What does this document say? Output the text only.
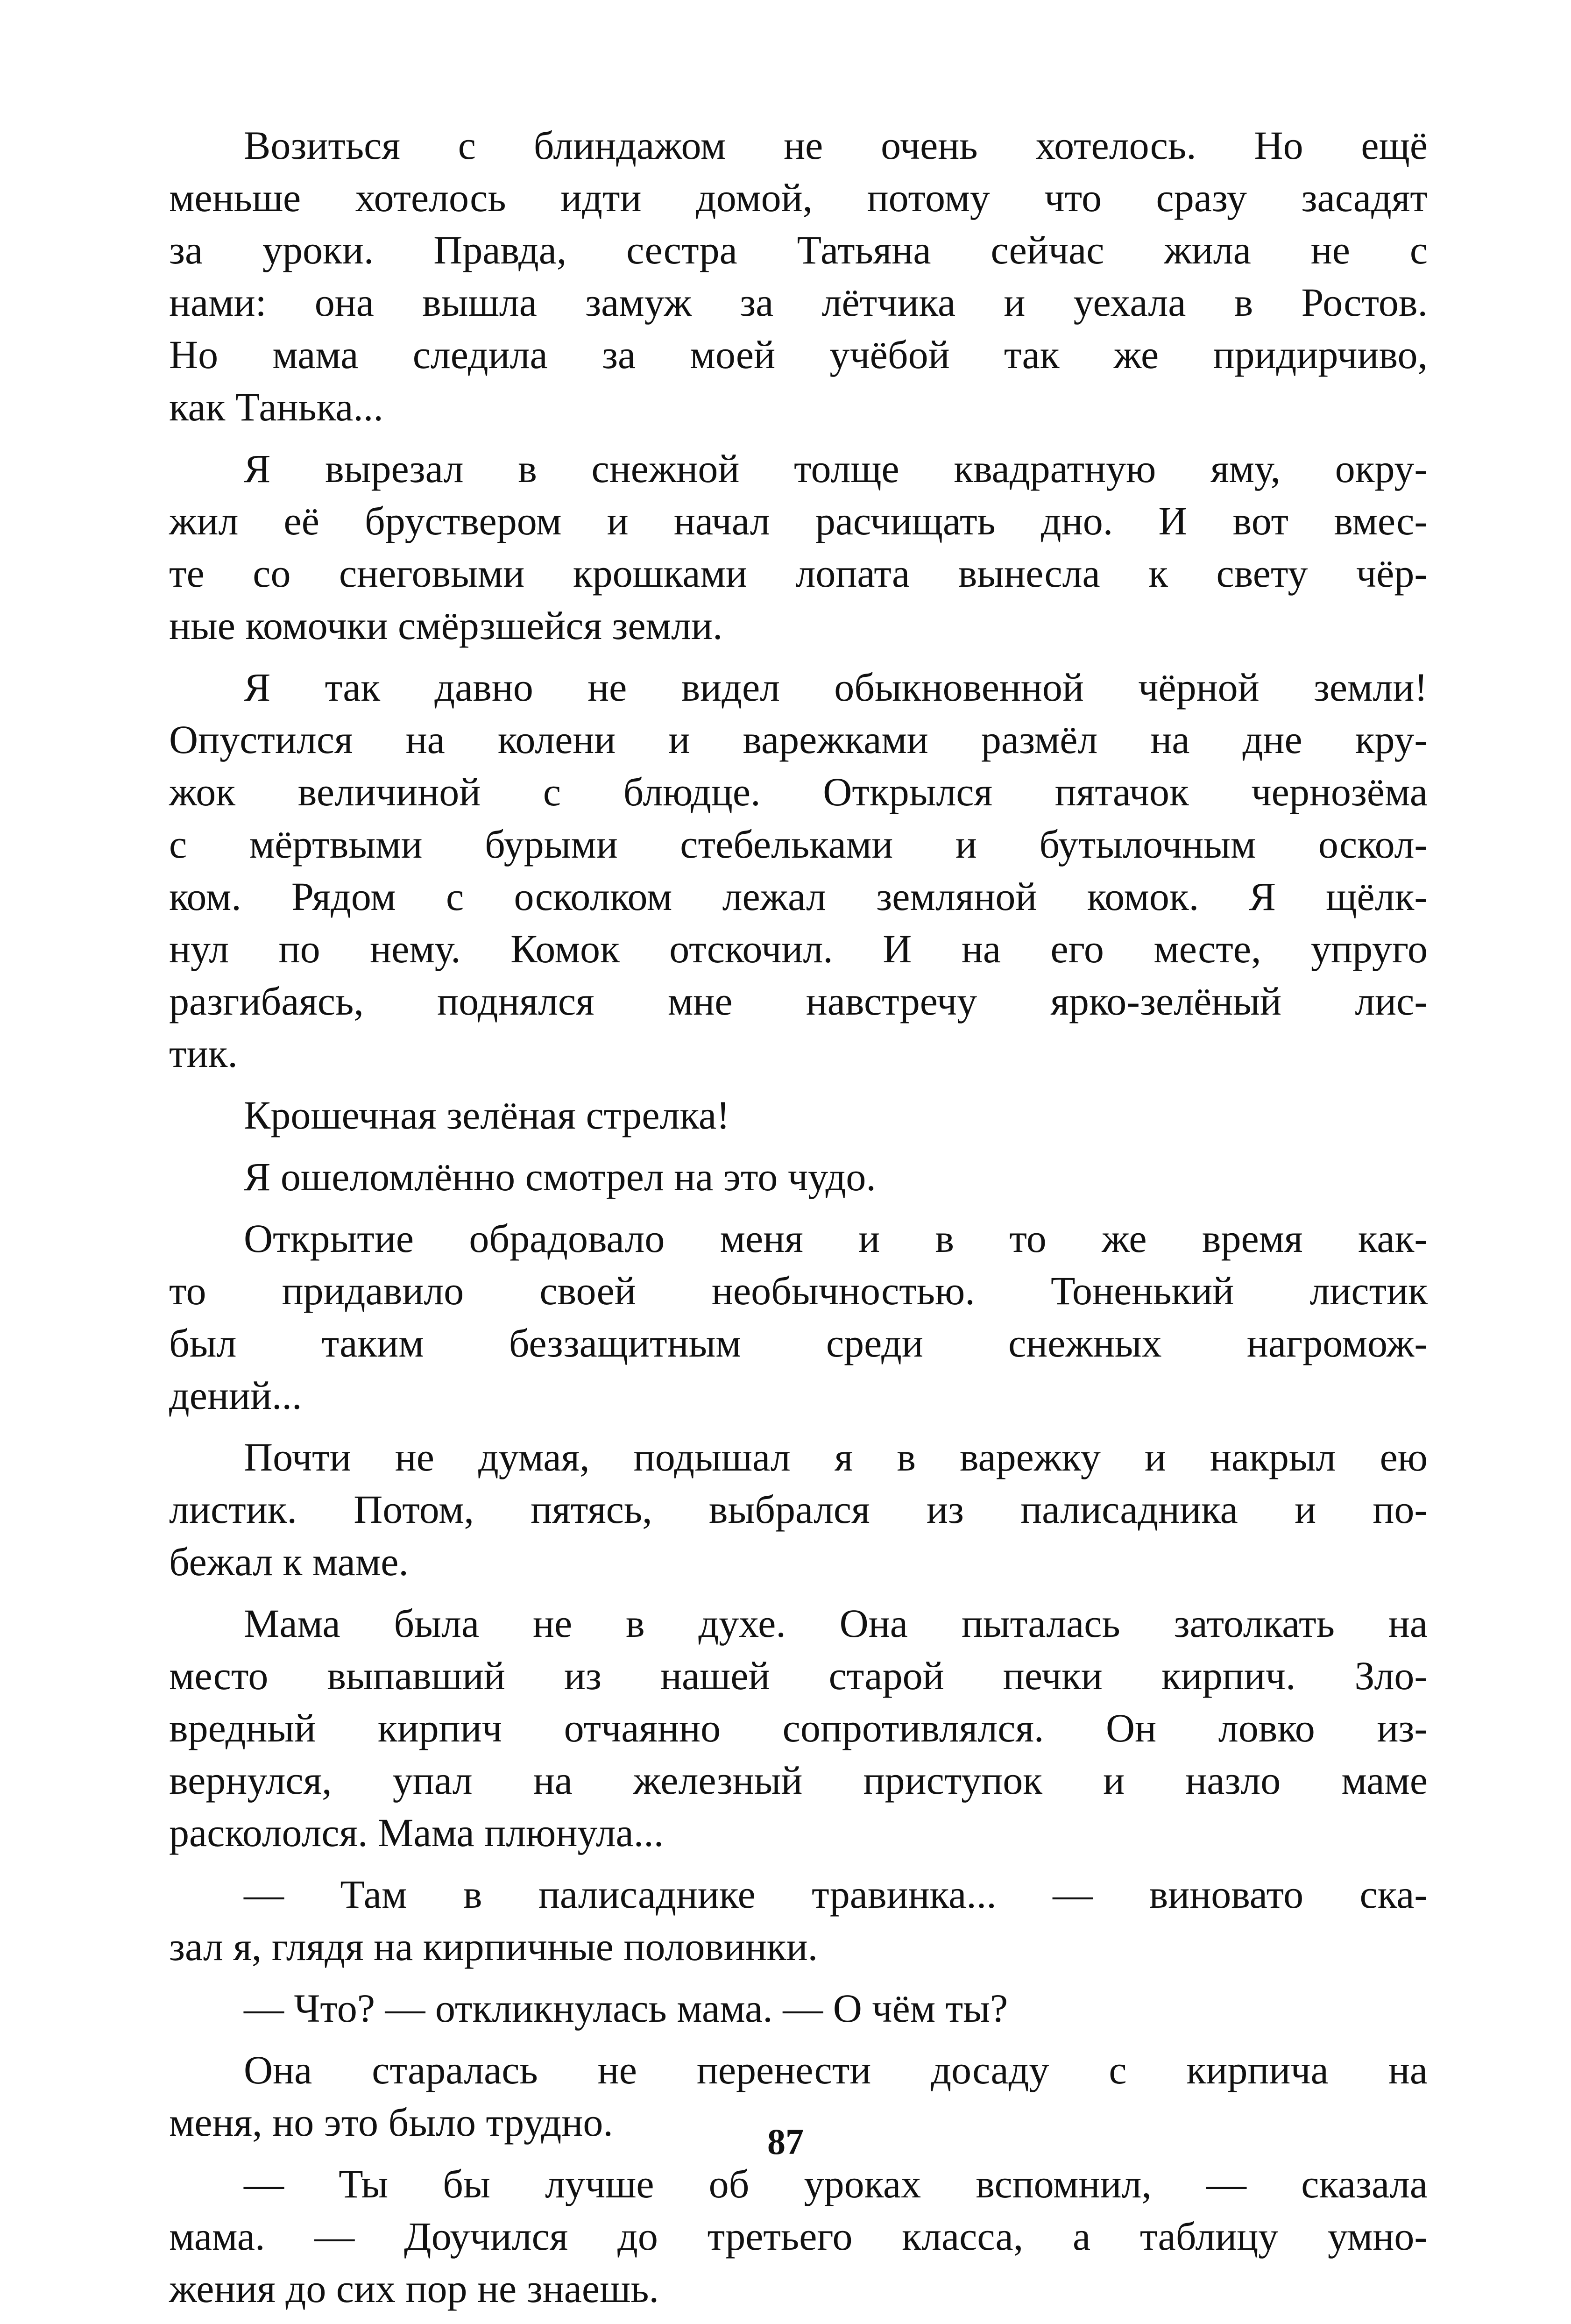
Возиться с блиндажом не очень хотелось. Но ещё
меньше хотелось идти домой, потому что сразу засадят
за уроки. Правда, сестра Татьяна сейчас жила не с
нами: она вышла замуж за лётчика и уехала в Ростов.
Но мама следила за моей учёбой так же придирчиво,
как Танька...

Я вырезал в снежной толще квадратную яму, окру-
жил её бруствером и начал расчищать дно. И вот вмес-
те со снеговыми крошками лопата вынесла к свету чёр-
ные комочки смёрзшейся земли.

Я так давно не видел обыкновенной чёрной земли!
Опустился на колени и варежками размёл на дне кру-
жок величиной с блюдце. Открылся пятачок чернозёма
с мёртвыми бурыми стебельками и бутылочным оскол-
ком. Рядом с осколком лежал земляной комок. Я щёлк-
нул по нему. Комок отскочил. И на его месте, упруго
разгибаясь, поднялся мне навстречу ярко-зелёный лис-
тик.

Крошечная зелёная стрелка!

Я ошеломлённо смотрел на это чудо.

Открытие обрадовало меня и в то же время как-
то придавило своей необычностью. Тоненький листик
был таким беззащитным среди снежных нагромож-
дений...

Почти не думая, подышал я в варежку и накрыл ею
листик. Потом, пятясь, выбрался из палисадника и по-
бежал к маме.

Мама была не в духе. Она пыталась затолкать на
место выпавший из нашей старой печки кирпич. Зло-
вредный кирпич отчаянно сопротивлялся. Он ловко из-
вернулся, упал на железный приступок и назло маме
раскололся. Мама плюнула...

— Там в палисаднике травинка... — виновато ска-
зал я, глядя на кирпичные половинки.

— Что? — откликнулась мама. — О чём ты?

Она старалась не перенести досаду с кирпича на
меня, но это было трудно.

— Ты бы лучше об уроках вспомнил, — сказала
мама. — Доучился до третьего класса, а таблицу умно-
жения до сих пор не знаешь.

87
